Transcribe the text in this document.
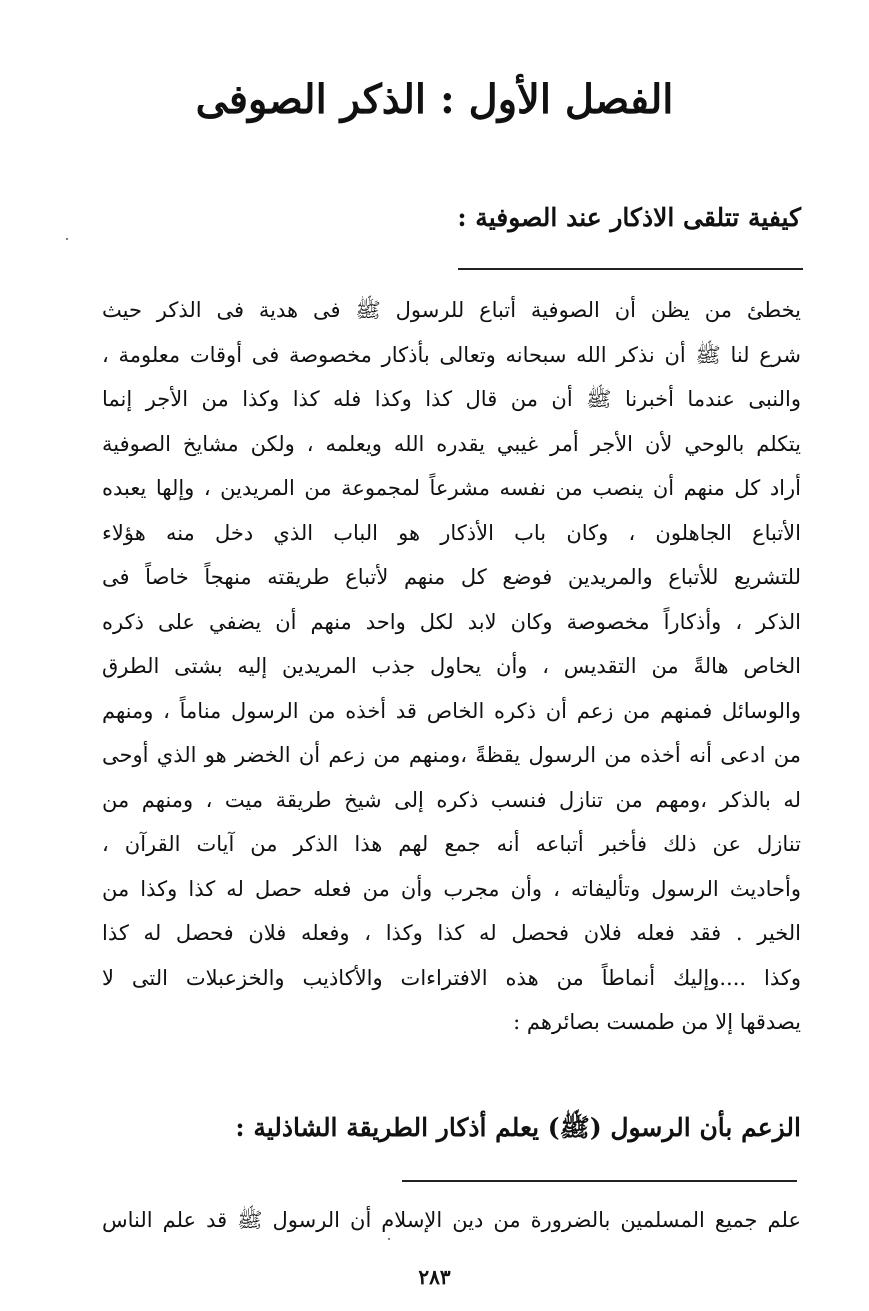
الفصل الأول : الذكر الصوفى
كيفية تتلقى الاذكار عند الصوفية :

يخطئ من يظن أن الصوفية أتباع للرسول ﷺ فى هدية فى الذكر حيث
شرع لنا ﷺ أن نذكر الله سبحانه وتعالى بأذكار مخصوصة فى أوقات معلومة ،
والنبى عندما أخبرنا ﷺ أن من قال كذا وكذا فله كذا وكذا من الأجر إنما
يتكلم بالوحي لأن الأجر أمر غيبي يقدره الله ويعلمه ، ولكن مشايخ الصوفية
أراد كل منهم أن ينصب من نفسه مشرعاً لمجموعة من المريدين ، وإلها يعبده
الأتباع الجاهلون ، وكان باب الأذكار هو الباب الذي دخل منه هؤلاء
للتشريع للأتباع والمريدين فوضع كل منهم لأتباع طريقته منهجاً خاصاً فى
الذكر ، وأذكاراً مخصوصة وكان لابد لكل واحد منهم أن يضفي على ذكره
الخاص هالةً من التقديس ، وأن يحاول جذب المريدين إليه بشتى الطرق
والوسائل فمنهم من زعم أن ذكره الخاص قد أخذه من الرسول مناماً ، ومنهم
من ادعى أنه أخذه من الرسول يقظةً ،ومنهم من زعم أن الخضر هو الذي أوحى
له بالذكر ،ومهم من تنازل فنسب ذكره إلى شيخ طريقة ميت ، ومنهم من
تنازل عن ذلك فأخبر أتباعه أنه جمع لهم هذا الذكر من آيات القرآن ،
وأحاديث الرسول وتأليفاته ، وأن مجرب وأن من فعله حصل له كذا وكذا من
الخير . فقد فعله فلان فحصل له كذا وكذا ، وفعله فلان فحصل له كذا
وكذا ....وإليك أنماطاً من هذه الافتراءات والأكاذيب والخزعبلات التى لا
يصدقها إلا من طمست بصائرهم :

الزعم بأن الرسول (ﷺ) يعلم أذكار الطريقة الشاذلية :

علم جميع المسلمين بالضرورة من دين الإسلام أن الرسول ﷺ قد علم الناس

٢٨٣
